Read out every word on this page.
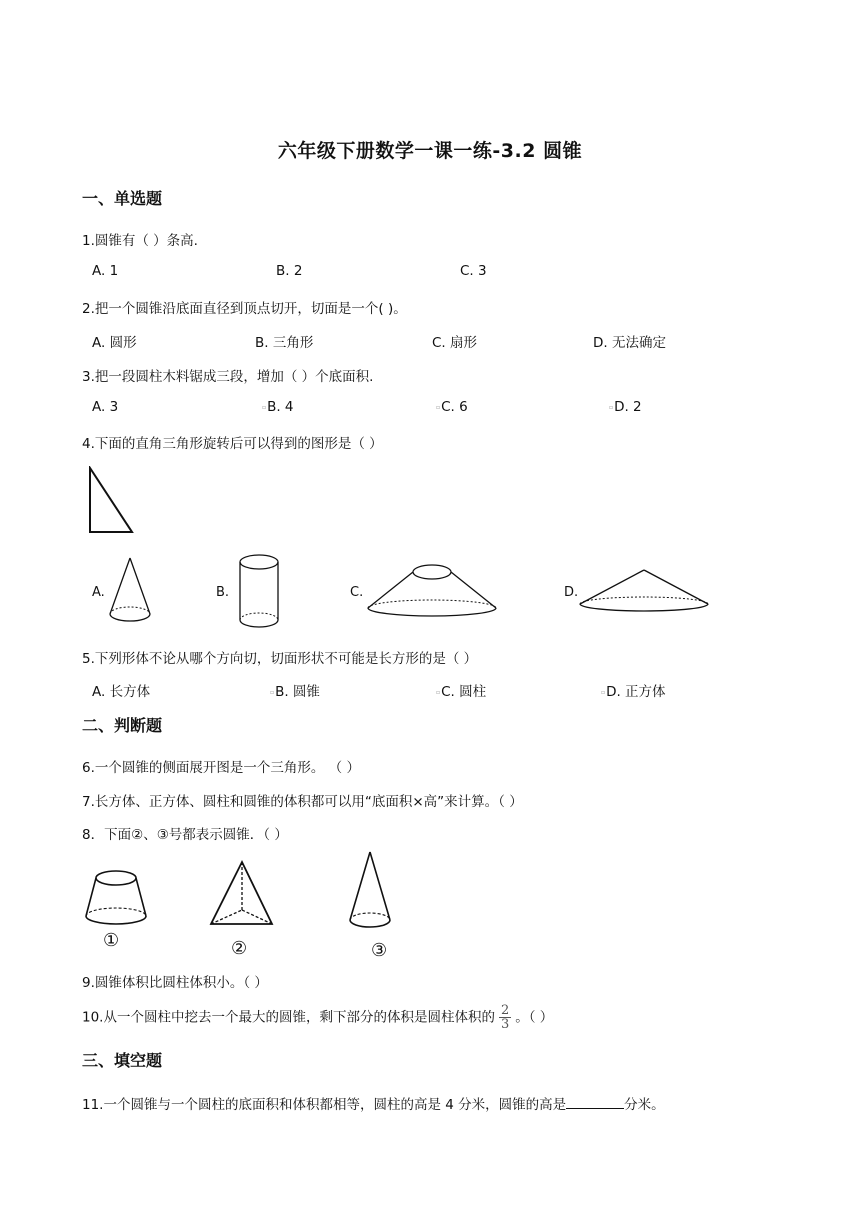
六年级下册数学一课一练-3.2 圆锥
一、单选题
1.圆锥有（ ）条高.
A. 1	B. 2	C. 3
2.把一个圆锥沿底面直径到顶点切开，切面是一个( )。
A. 圆形	B. 三角形	C. 扇形	D. 无法确定
3.把一段圆柱木料锯成三段，增加（ ）个底面积.
A. 3	▫B. 4	▫C. 6	▫D. 2
4.下面的直角三角形旋转后可以得到的图形是（ ）
A.	B.	C.	D.
5.下列形体不论从哪个方向切，切面形状不可能是长方形的是（ ）
A. 长方体	▫B. 圆锥	▫C. 圆柱	▫D. 正方体
二、判断题
6.一个圆锥的侧面展开图是一个三角形。 （ ）
7.长方体、正方体、圆柱和圆锥的体积都可以用“底面积×高”来计算。（ ）
8．下面②、③号都表示圆锥．（ ）
①	②	③
9.圆锥体积比圆柱体积小。（ ）
10.从一个圆柱中挖去一个最大的圆锥，剩下部分的体积是圆柱体积的 $\frac{2}{3}$ 。（ ）
三、填空题
11.一个圆锥与一个圆柱的底面积和体积都相等，圆柱的高是 4 分米，圆锥的高是	分米。
